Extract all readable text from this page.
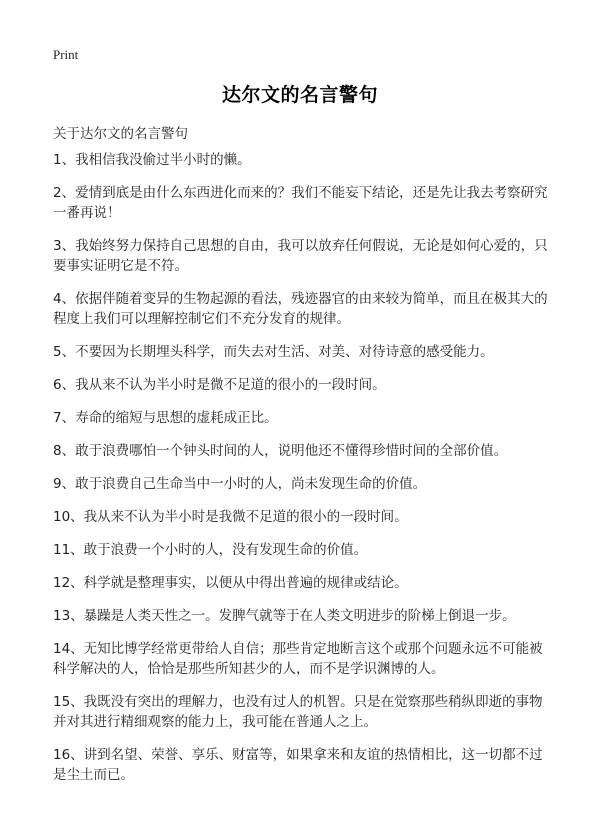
Print
达尔文的名言警句
关于达尔文的名言警句
1、我相信我没偷过半小时的懒。
2、爱情到底是由什么东西进化而来的？我们不能妄下结论，还是先让我去考察研究一番再说！
3、我始终努力保持自己思想的自由，我可以放弃任何假说，无论是如何心爱的，只要事实证明它是不符。
4、依据伴随着变异的生物起源的看法，残迹器官的由来较为简单，而且在极其大的程度上我们可以理解控制它们不充分发育的规律。
5、不要因为长期埋头科学，而失去对生活、对美、对待诗意的感受能力。
6、我从来不认为半小时是微不足道的很小的一段时间。
7、寿命的缩短与思想的虚耗成正比。
8、敢于浪费哪怕一个钟头时间的人，说明他还不懂得珍惜时间的全部价值。
9、敢于浪费自己生命当中一小时的人，尚未发现生命的价值。
10、我从来不认为半小时是我微不足道的很小的一段时间。
11、敢于浪费一个小时的人，没有发现生命的价值。
12、科学就是整理事实，以便从中得出普遍的规律或结论。
13、暴躁是人类天性之一。发脾气就等于在人类文明进步的阶梯上倒退一步。
14、无知比博学经常更带给人自信；那些肯定地断言这个或那个问题永远不可能被科学解决的人，恰恰是那些所知甚少的人，而不是学识渊博的人。
15、我既没有突出的理解力，也没有过人的机智。只是在觉察那些稍纵即逝的事物并对其进行精细观察的能力上，我可能在普通人之上。
16、讲到名望、荣誉、享乐、财富等，如果拿来和友谊的热情相比，这一切都不过是尘土而已。
